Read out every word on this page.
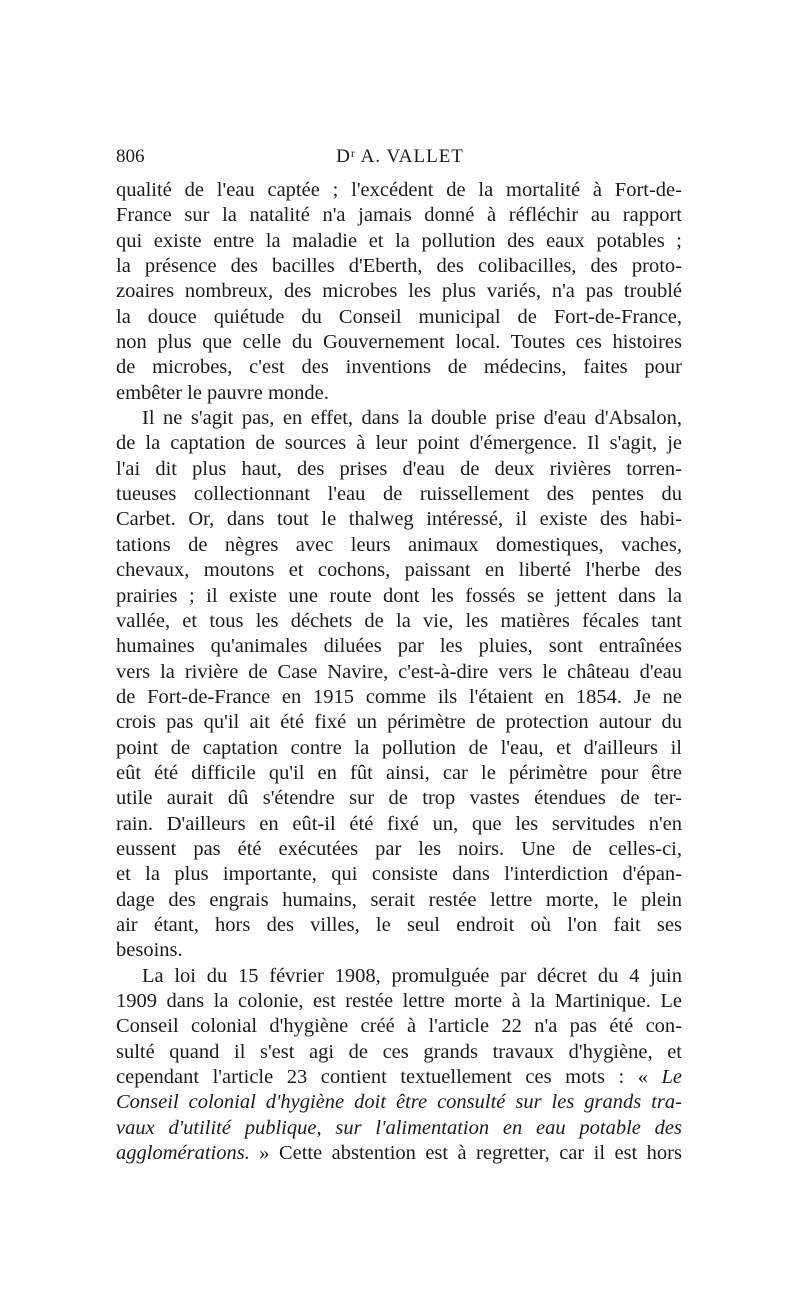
806	Dʳ A. VALLET
qualité de l'eau captée ; l'excédent de la mortalité à Fort-de-
France sur la natalité n'a jamais donné à réfléchir au rapport
qui existe entre la maladie et la pollution des eaux potables ;
la présence des bacilles d'Eberth, des colibacilles, des proto-
zoaires nombreux, des microbes les plus variés, n'a pas troublé
la douce quiétude du Conseil municipal de Fort-de-France,
non plus que celle du Gouvernement local. Toutes ces histoires
de microbes, c'est des inventions de médecins, faites pour
embêter le pauvre monde.
Il ne s'agit pas, en effet, dans la double prise d'eau d'Absalon,
de la captation de sources à leur point d'émergence. Il s'agit, je
l'ai dit plus haut, des prises d'eau de deux rivières torren-
tueuses collectionnant l'eau de ruissellement des pentes du
Carbet. Or, dans tout le thalweg intéressé, il existe des habi-
tations de nègres avec leurs animaux domestiques, vaches,
chevaux, moutons et cochons, paissant en liberté l'herbe des
prairies ; il existe une route dont les fossés se jettent dans la
vallée, et tous les déchets de la vie, les matières fécales tant
humaines qu'animales diluées par les pluies, sont entraînées
vers la rivière de Case Navire, c'est-à-dire vers le château d'eau
de Fort-de-France en 1915 comme ils l'étaient en 1854. Je ne
crois pas qu'il ait été fixé un périmètre de protection autour du
point de captation contre la pollution de l'eau, et d'ailleurs il
eût été difficile qu'il en fût ainsi, car le périmètre pour être
utile aurait dû s'étendre sur de trop vastes étendues de ter-
rain. D'ailleurs en eût-il été fixé un, que les servitudes n'en
eussent pas été exécutées par les noirs. Une de celles-ci,
et la plus importante, qui consiste dans l'interdiction d'épan-
dage des engrais humains, serait restée lettre morte, le plein
air étant, hors des villes, le seul endroit où l'on fait ses
besoins.
La loi du 15 février 1908, promulguée par décret du 4 juin
1909 dans la colonie, est restée lettre morte à la Martinique. Le
Conseil colonial d'hygiène créé à l'article 22 n'a pas été con-
sulté quand il s'est agi de ces grands travaux d'hygiène, et
cependant l'article 23 contient textuellement ces mots : « Le
Conseil colonial d'hygiène doit être consulté sur les grands tra-
vaux d'utilité publique, sur l'alimentation en eau potable des
agglomérations. » Cette abstention est à regretter, car il est hors
